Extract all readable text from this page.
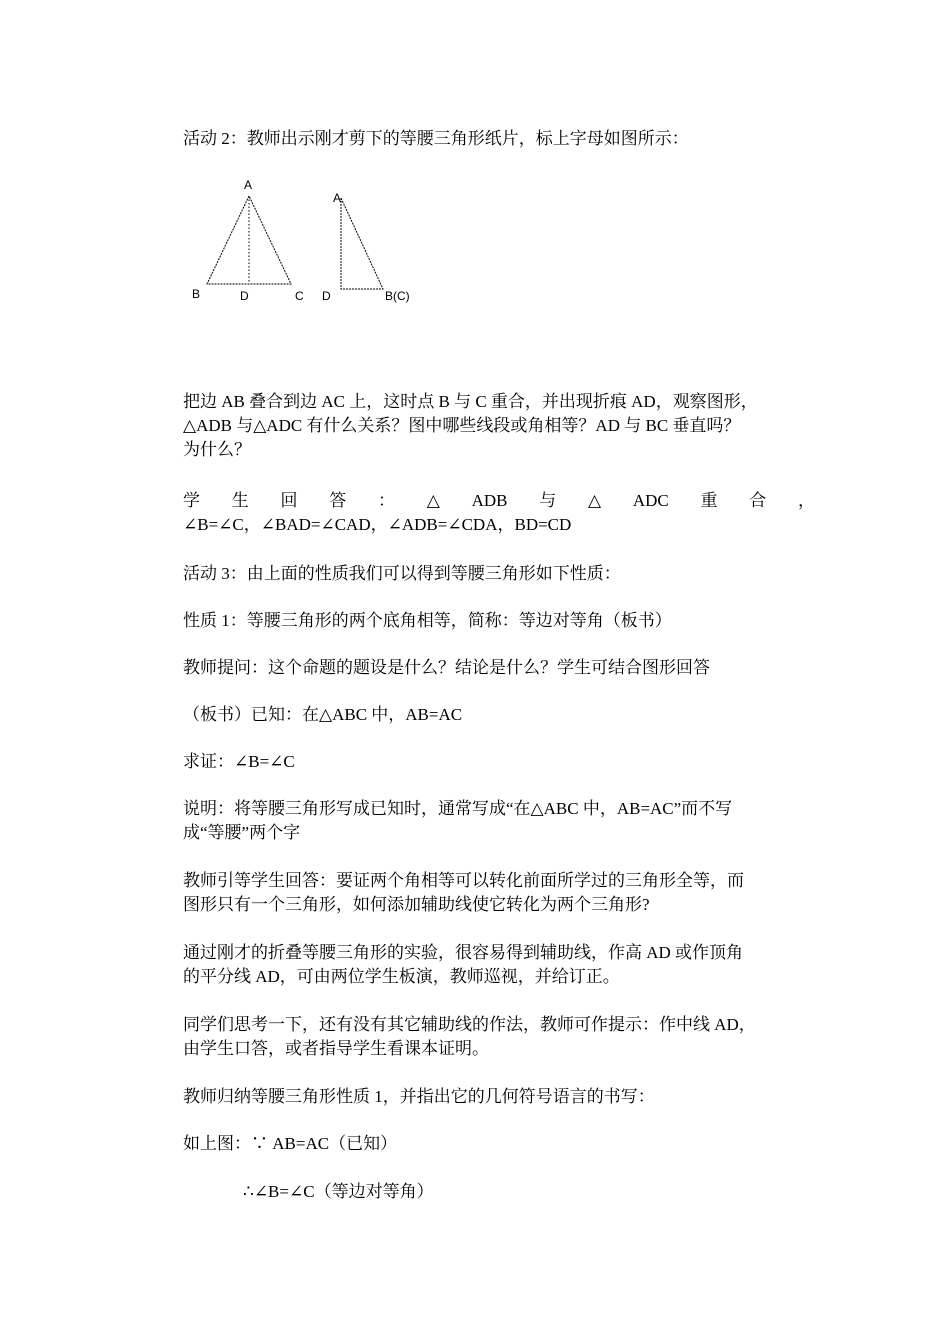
活动 2：教师出示刚才剪下的等腰三角形纸片，标上字母如图所示：

A
B	D	C
A
D	B(C)

把边 AB 叠合到边 AC 上，这时点 B 与 C 重合，并出现折痕 AD，观察图形，
△ADB 与△ADC 有什么关系？图中哪些线段或角相等？AD 与 BC 垂直吗？
为什么？

学 生 回 答 ： △ ADB 与 △ ADC 重 合 ，
∠B=∠C，∠BAD=∠CAD，∠ADB=∠CDA，BD=CD

活动 3：由上面的性质我们可以得到等腰三角形如下性质：

性质 1：等腰三角形的两个底角相等，简称：等边对等角（板书）

教师提问：这个命题的题设是什么？结论是什么？学生可结合图形回答

（板书）已知：在△ABC 中，AB=AC

求证：∠B=∠C

说明：将等腰三角形写成已知时，通常写成“在△ABC 中，AB=AC”而不写
成“等腰”两个字

教师引等学生回答：要证两个角相等可以转化前面所学过的三角形全等，而
图形只有一个三角形，如何添加辅助线使它转化为两个三角形?

通过刚才的折叠等腰三角形的实验，很容易得到辅助线，作高 AD 或作顶角
的平分线 AD，可由两位学生板演，教师巡视，并给订正。

同学们思考一下，还有没有其它辅助线的作法，教师可作提示：作中线 AD，
由学生口答，或者指导学生看课本证明。

教师归纳等腰三角形性质 1，并指出它的几何符号语言的书写：

如上图：∵ AB=AC（已知）

∴∠B=∠C（等边对等角）
